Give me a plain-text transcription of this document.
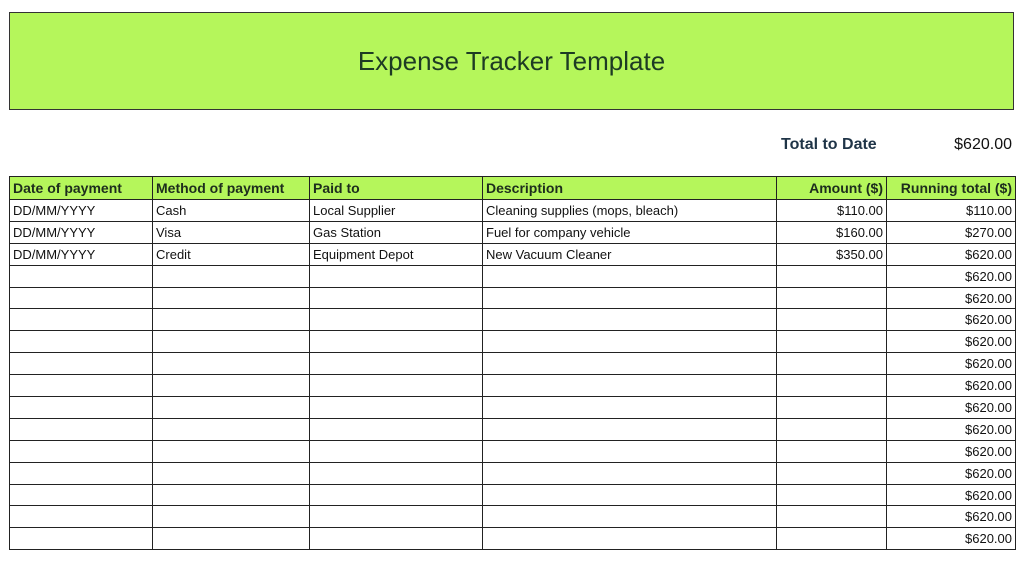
Expense Tracker Template
Total to Date	$620.00
Date of payment	Method of payment	Paid to	Description	Amount ($)	Running total ($)
DD/MM/YYYY	Cash	Local Supplier	Cleaning supplies (mops, bleach)	$110.00	$110.00
DD/MM/YYYY	Visa	Gas Station	Fuel for company vehicle	$160.00	$270.00
DD/MM/YYYY	Credit	Equipment Depot	New Vacuum Cleaner	$350.00	$620.00
					$620.00
					$620.00
					$620.00
					$620.00
					$620.00
					$620.00
					$620.00
					$620.00
					$620.00
					$620.00
					$620.00
					$620.00
					$620.00
